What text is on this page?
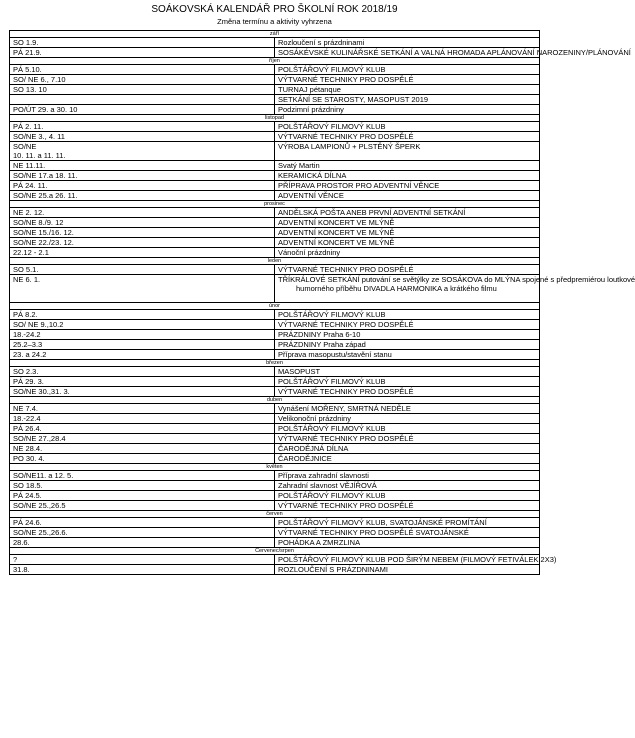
SOÁKOVSKÁ KALENDÁŘ PRO ŠKOLNÍ ROK 2018/19
Změna termínu a aktivity vyhrzena
září	
SO 1.9.	Rozloučení s prázdninami
PÁ 21.9.	SOSÁKÉVSKÉ KULINÁŘSKÉ SETKÁNÍ A VALNÁ HROMADA APLÁNOVÁNÍ NAROZENINY/PLÁNOVÁNÍ
říjen	
PÁ 5.10.	POLŠTÁŘOVÝ FILMOVÝ KLUB
SO/ NE 6., 7.10	VÝTVARNÉ TECHNIKY PRO DOSPĚLÉ
SO 13. 10	TURNAJ pétanque
	SETKÁNÍ SE STAROSTY, MASOPUST 2019
PO/ÚT 29. a 30. 10	Podzimní prázdniny
listopad	
PÁ 2. 11.	POLŠTÁŘOVÝ FILMOVÝ KLUB
SO/NE 3., 4. 11	VÝTVARNÉ TECHNIKY PRO DOSPĚLÉ

SO/NE
10. 11. a 11. 11.	VÝROBA LAMPIONŮ + PLSTĚNÝ ŠPERK
NE 11.11.	Svatý Martin
SO/NE 17.a 18. 11.	KERAMICKÁ DÍLNA
PÁ 24. 11.	PŘÍPRAVA PROSTOR PRO ADVENTNÍ VĚNCE
SO/NE 25.a 26. 11.	ADVENTNÍ VĚNCE
prosinec	
NE 2. 12.	ANDĚLSKÁ POŠTA ANEB PRVNÍ ADVENTNÍ SETKÁNÍ
SO/NE 8./9. 12	ADVENTNÍ KONCERT VE MLÝNĚ
SO/NE 15./16. 12.	ADVENTNÍ KONCERT VE MLÝNĚ
SO/NE 22./23. 12.	ADVENTNÍ KONCERT VE MLÝNĚ
22.12 - 2.1	Vánoční prázdniny
leden	
SO 5.1.	VÝTVARNÉ TECHNIKY PRO DOSPĚLÉ
NE 6. 1.	TŘÍKRÁLOVÉ SETKÁNÍ putování se světýlky ze SOSÁKOVA do MLÝNA spojené s předpremiérou loutkové
humorného příběhu DIVADLA HARMONIKA a krátkého filmu

únor	
PÁ 8.2.	POLŠTÁŘOVÝ FILMOVÝ KLUB
SO/ NE 9.,10.2	VÝTVARNÉ TECHNIKY PRO DOSPĚLÉ
18.-24.2	PRÁZDNINY Praha 6-10
25.2–3.3	PRÁZDNINY Praha západ
23. a 24.2	Příprava masopustu/stavění stanu
březen	
SO 2.3.	MASOPUST
PÁ 29. 3.	POLŠTÁŘOVÝ FILMOVÝ KLUB
SO/NE 30.,31. 3.	VÝTVARNÉ TECHNIKY PRO DOSPĚLÉ
duben	
NE 7.4.	Vynášení MOŘENY, SMRTNÁ NEDĚLE
18.-22.4	Velikonoční prázdniny
PÁ 26.4.	POLŠTÁŘOVÝ FILMOVÝ KLUB
SO/NE 27.,28.4	VÝTVARNÉ TECHNIKY PRO DOSPĚLÉ
NE 28.4.	ČARODĚJNÁ DÍLNA
PO 30. 4.	ČARODĚJNICE
květen	
SO/NE11. a 12. 5.	Příprava zahradní slavnosti
SO 18.5.	Zahradní slavnost VĚJÍŘOVÁ
PÁ 24.5.	POLŠTÁŘOVÝ FILMOVÝ KLUB
SO/NE 25.,26.5	VÝTVARNÉ TECHNIKY PRO DOSPĚLÉ
červen	
PÁ 24.6.	POLŠTÁŘOVÝ FILMOVÝ KLUB, SVATOJÁNSKÉ PROMÍTÁNÍ
SO/NE 25.,26.6.	VÝTVARNÉ TECHNIKY PRO DOSPĚLÉ SVATOJÁNSKÉ
28.6.	POHÁDKA A ZMRZLINA
Červenec/srpen	
?	POLŠTÁŘOVÝ FILMOVÝ KLUB POD ŠIRÝM NEBEM (FILMOVÝ FETIVÁLEK 2X3)
31.8.	ROZLOUČENÍ S PRÁZDNINAMI
